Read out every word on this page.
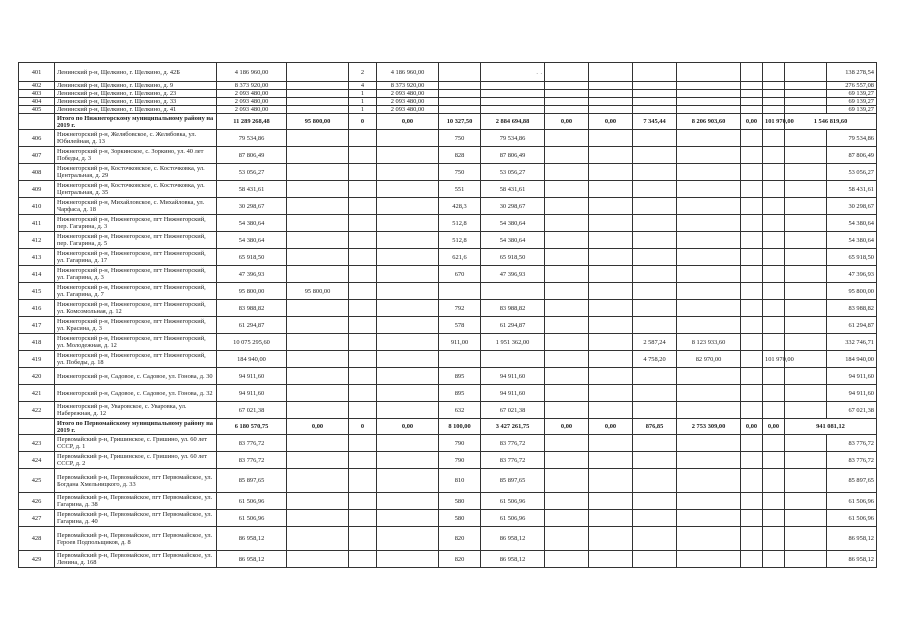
401	Ленинский р-н, Щелкино, г. Щелкино, д. 42Б	4 186 960,00		2	4 186 960,00										138 278,54
402	Ленинский р-н, Щелкино, г. Щелкино, д. 9	8 373 920,00		4	8 373 920,00										276 557,08
403	Ленинский р-н, Щелкино, г. Щелкино, д. 23	2 093 480,00		1	2 093 480,00										69 139,27
404	Ленинский р-н, Щелкино, г. Щелкино, д. 33	2 093 480,00		1	2 093 480,00										69 139,27
405	Ленинский р-н, Щелкино, г. Щелкино, д. 41	2 093 480,00		1	2 093 480,00										69 139,27
	Итого по Нижнегорскому муниципальному району на 2019 г.	11 289 268,48	95 800,00	0	0,00	10 327,50	2 884 694,88	0,00	0,00	7 345,44	8 206 903,60	0,00	101 970,00	1 546 819,60	
406	Нижнегорский р-н, Желябовское, с. Желябовка, ул. Юбилейная, д. 13	79 534,86				750	79 534,86								79 534,86
407	Нижнегорский р-н, Зоркинское, с. Зоркино, ул. 40 лет Победы, д. 3	87 806,49				828	87 806,49								87 806,49
408	Нижнегорский р-н, Косточковское, с. Косточковка, ул. Центральная, д. 29	53 056,27				750	53 056,27								53 056,27
409	Нижнегорский р-н, Косточковское, с. Косточковка, ул. Центральная, д. 35	58 431,61				551	58 431,61								58 431,61
410	Нижнегорский р-н, Михайловское, с. Михайловка, ул. Чарфаса, д. 18	30 298,67				428,3	30 298,67								30 298,67
411	Нижнегорский р-н, Нижнегорское, пгт Нижнегорский, пер. Гагарина, д. 3	54 380,64				512,8	54 380,64								54 380,64
412	Нижнегорский р-н, Нижнегорское, пгт Нижнегорский, пер. Гагарина, д. 5	54 380,64				512,8	54 380,64								54 380,64
413	Нижнегорский р-н, Нижнегорское, пгт Нижнегорский, ул. Гагарина, д. 17	65 918,50				621,6	65 918,50								65 918,50
414	Нижнегорский р-н, Нижнегорское, пгт Нижнегорский, ул. Гагарина, д. 3	47 396,93				670	47 396,93								47 396,93
415	Нижнегорский р-н, Нижнегорское, пгт Нижнегорский, ул. Гагарина, д. 7	95 800,00	95 800,00												95 800,00
416	Нижнегорский р-н, Нижнегорское, пгт Нижнегорский, ул. Комсомольная, д. 12	83 988,82				792	83 988,82								83 988,82
417	Нижнегорский р-н, Нижнегорское, пгт Нижнегорский, ул. Красина, д. 3	61 294,87				578	61 294,87								61 294,87
418	Нижнегорский р-н, Нижнегорское, пгт Нижнегорский, ул. Молодежная, д. 12	10 075 295,60				911,00	1 951 362,00			2 587,24	8 123 933,60				332 746,71
419	Нижнегорский р-н, Нижнегорское, пгт Нижнегорский, ул. Победы, д. 18	184 940,00								4 758,20	82 970,00		101 970,00		184 940,00
420	Нижнегорский р-н, Садовое, с. Садовое, ул. Гонова, д. 30	94 911,60				895	94 911,60								94 911,60
421	Нижнегорский р-н, Садовое, с. Садовое, ул. Гонова, д. 32	94 911,60				895	94 911,60								94 911,60
422	Нижнегорский р-н, Уваровское, с. Уваровка, ул. Набережная, д. 12	67 021,38				632	67 021,38								67 021,38
	Итого по Первомайскому муниципальному району на 2019 г.	6 180 570,75	0,00	0	0,00	8 100,00	3 427 261,75	0,00	0,00	876,85	2 753 309,00	0,00	0,00	941 081,12	
423	Первомайский р-н, Гришинское, с. Гришино, ул. 60 лет СССР, д. 1	83 776,72				790	83 776,72								83 776,72
424	Первомайский р-н, Гришинское, с. Гришино, ул. 60 лет СССР, д. 2	83 776,72				790	83 776,72								83 776,72
425	Первомайский р-н, Первомайское, пгт Первомайское, ул. Богдана Хмельницкого, д. 33	85 897,65				810	85 897,65								85 897,65
426	Первомайский р-н, Первомайское, пгт Первомайское, ул. Гагарина, д. 38	61 506,96				580	61 506,96								61 506,96
427	Первомайский р-н, Первомайское, пгт Первомайское, ул. Гагарина, д. 40	61 506,96				580	61 506,96								61 506,96
428	Первомайский р-н, Первомайское, пгт Первомайское, ул. Героев Подпольщиков, д. 8	86 958,12				820	86 958,12								86 958,12
429	Первомайский р-н, Первомайское, пгт Первомайское, ул. Ленина, д. 168	86 958,12				820	86 958,12								86 958,12
· ·
